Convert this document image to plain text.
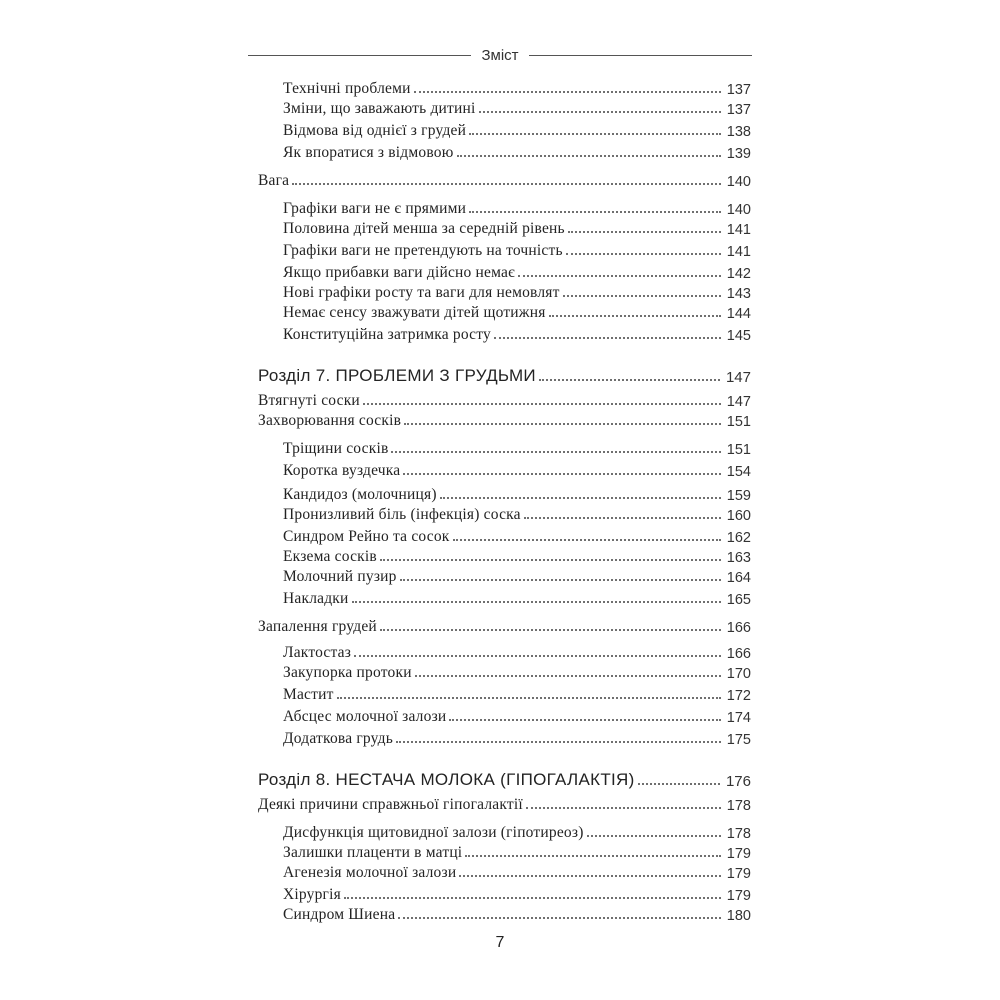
Зміст
Технічні проблеми	137
Зміни, що заважають дитині	137
Відмова від однієї з грудей	138
Як впоратися з відмовою	139
Вага	140
Графіки ваги не є прямими	140
Половина дітей менша за середній рівень	141
Графіки ваги не претендують на точність	141
Якщо прибавки ваги дійсно немає	142
Нові графіки росту та ваги для немовлят	143
Немає сенсу зважувати дітей щотижня	144
Конституційна затримка росту	145
Розділ 7. ПРОБЛЕМИ З ГРУДЬМИ	147
Втягнуті соски	147
Захворювання сосків	151
Тріщини сосків	151
Коротка вуздечка	154
Кандидоз (молочниця)	159
Пронизливий біль (інфекція) соска	160
Синдром Рейно та сосок	162
Екзема сосків	163
Молочний пузир	164
Накладки	165
Запалення грудей	166
Лактостаз	166
Закупорка протоки	170
Мастит	172
Абсцес молочної залози	174
Додаткова грудь	175
Розділ 8. НЕСТАЧА МОЛОКА (ГІПОГАЛАКТІЯ)	176
Деякі причини справжньої гіпогалактії	178
Дисфункція щитовидної залози (гіпотиреоз)	178
Залишки плаценти в матці	179
Агенезія молочної залози	179
Хірургія	179
Синдром Шиена	180
7
